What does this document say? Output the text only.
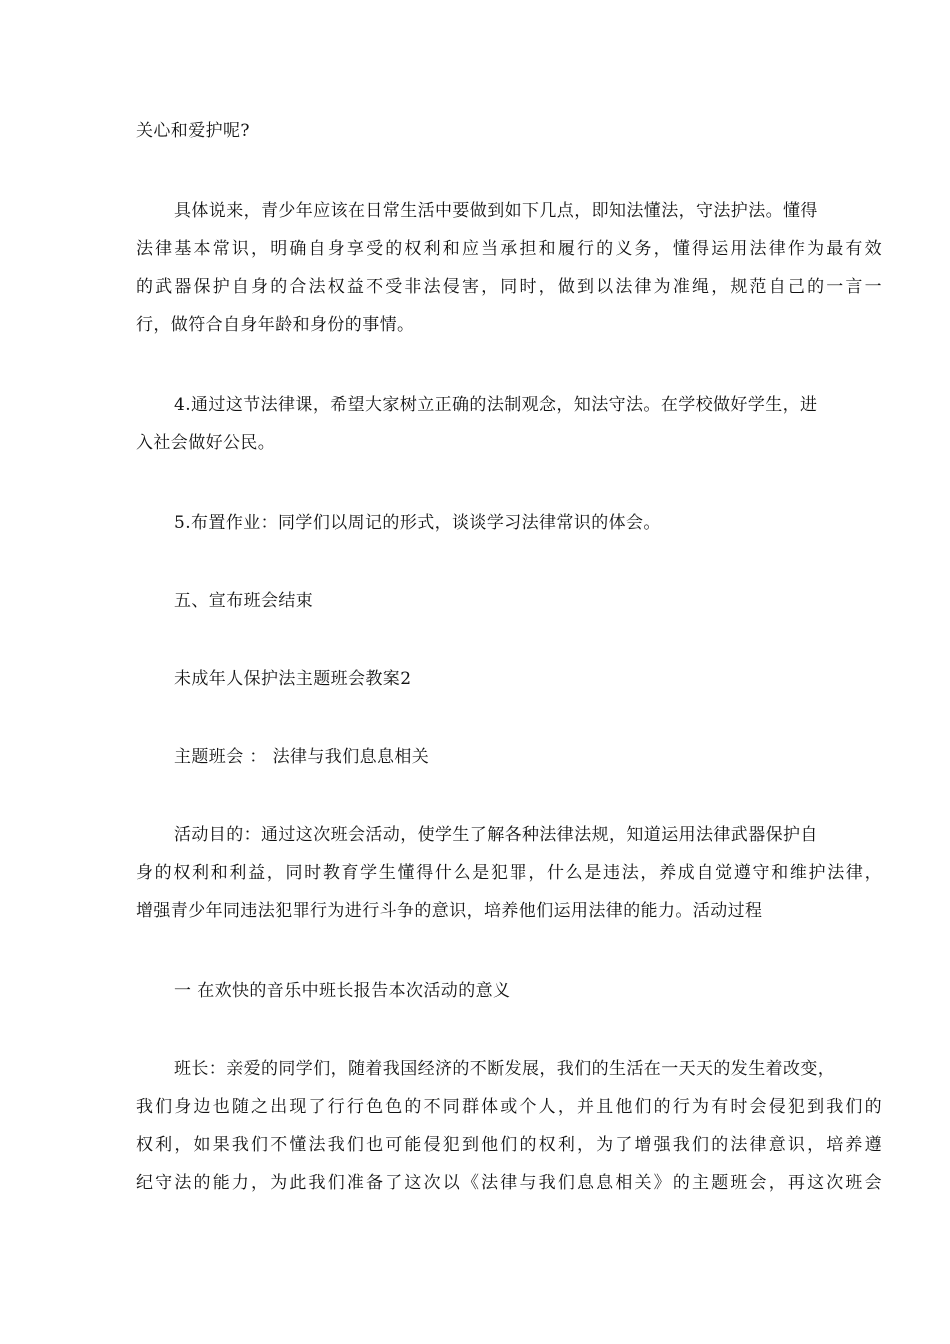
关心和爱护呢?
具体说来，青少年应该在日常生活中要做到如下几点，即知法懂法，守法护法。懂得
法律基本常识，明确自身享受的权利和应当承担和履行的义务，懂得运用法律作为最有效
的武器保护自身的合法权益不受非法侵害，同时，做到以法律为准绳，规范自己的一言一
行，做符合自身年龄和身份的事情。
4.通过这节法律课，希望大家树立正确的法制观念，知法守法。在学校做好学生，进
入社会做好公民。
5.布置作业：同学们以周记的形式，谈谈学习法律常识的体会。
五、宣布班会结束
未成年人保护法主题班会教案2
主题班会 ： 法律与我们息息相关
活动目的：通过这次班会活动，使学生了解各种法律法规，知道运用法律武器保护自
身的权利和利益，同时教育学生懂得什么是犯罪，什么是违法，养成自觉遵守和维护法律，
增强青少年同违法犯罪行为进行斗争的意识，培养他们运用法律的能力。活动过程
一 在欢快的音乐中班长报告本次活动的意义
班长：亲爱的同学们，随着我国经济的不断发展，我们的生活在一天天的发生着改变，
我们身边也随之出现了行行色色的不同群体或个人，并且他们的行为有时会侵犯到我们的
权利，如果我们不懂法我们也可能侵犯到他们的权利，为了增强我们的法律意识，培养遵
纪守法的能力，为此我们准备了这次以《法律与我们息息相关》的主题班会，再这次班会
